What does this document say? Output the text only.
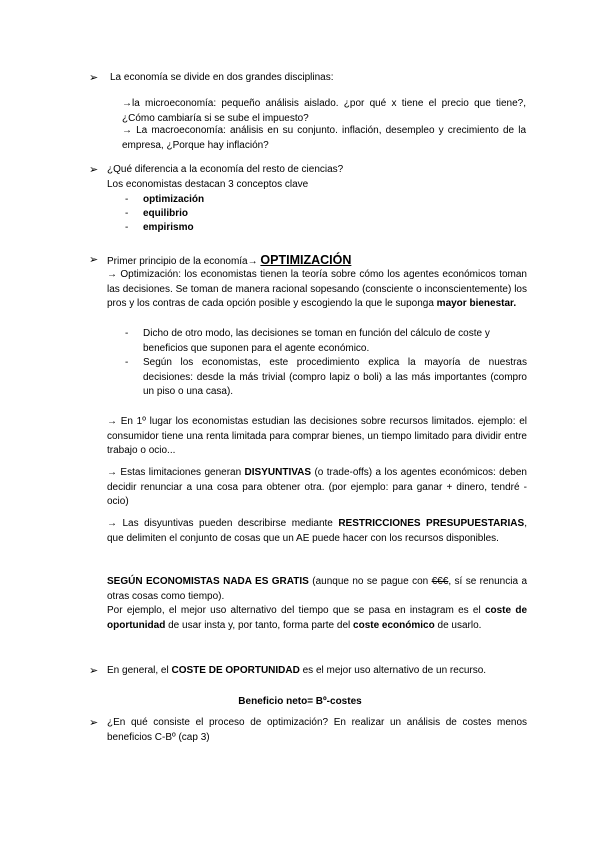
➢ La economía se divide en dos grandes disciplinas:
→la microeconomía: pequeño análisis aislado. ¿por qué x tiene el precio que tiene?, ¿Cómo cambiaría si se sube el impuesto?
→ La macroeconomía: análisis en su conjunto. inflación, desempleo y crecimiento de la empresa, ¿Porque hay inflación?
➢ ¿Qué diferencia a la economía del resto de ciencias?
Los economistas destacan 3 conceptos clave
- optimización
- equilibrio
- empirismo
➢ Primer principio de la economía→ OPTIMIZACIÓN
→ Optimización: los economistas tienen la teoría sobre cómo los agentes económicos toman las decisiones. Se toman de manera racional sopesando (consciente o inconscientemente) los pros y los contras de cada opción posible y escogiendo la que le suponga mayor bienestar.
- Dicho de otro modo, las decisiones se toman en función del cálculo de coste y beneficios que suponen para el agente económico.
- Según los economistas, este procedimiento explica la mayoría de nuestras decisiones: desde la más trivial (compro lapiz o boli) a las más importantes (compro un piso o una casa).
→ En 1º lugar los economistas estudian las decisiones sobre recursos limitados. ejemplo: el consumidor tiene una renta limitada para comprar bienes, un tiempo limitado para dividir entre trabajo o ocio...
→ Estas limitaciones generan DISYUNTIVAS (o trade-offs) a los agentes económicos: deben decidir renunciar a una cosa para obtener otra. (por ejemplo: para ganar + dinero, tendré - ocio)
→ Las disyuntivas pueden describirse mediante RESTRICCIONES PRESUPUESTARIAS, que delimiten el conjunto de cosas que un AE puede hacer con los recursos disponibles.
SEGÚN ECONOMISTAS NADA ES GRATIS (aunque no se pague con €€€, sí se renuncia a otras cosas como tiempo).
Por ejemplo, el mejor uso alternativo del tiempo que se pasa en instagram es el coste de oportunidad de usar insta y, por tanto, forma parte del coste económico de usarlo.
➢ En general, el COSTE DE OPORTUNIDAD es el mejor uso alternativo de un recurso.
Beneficio neto= Bº-costes
➢ ¿En qué consiste el proceso de optimización? En realizar un análisis de costes menos beneficios C-Bº (cap 3)
